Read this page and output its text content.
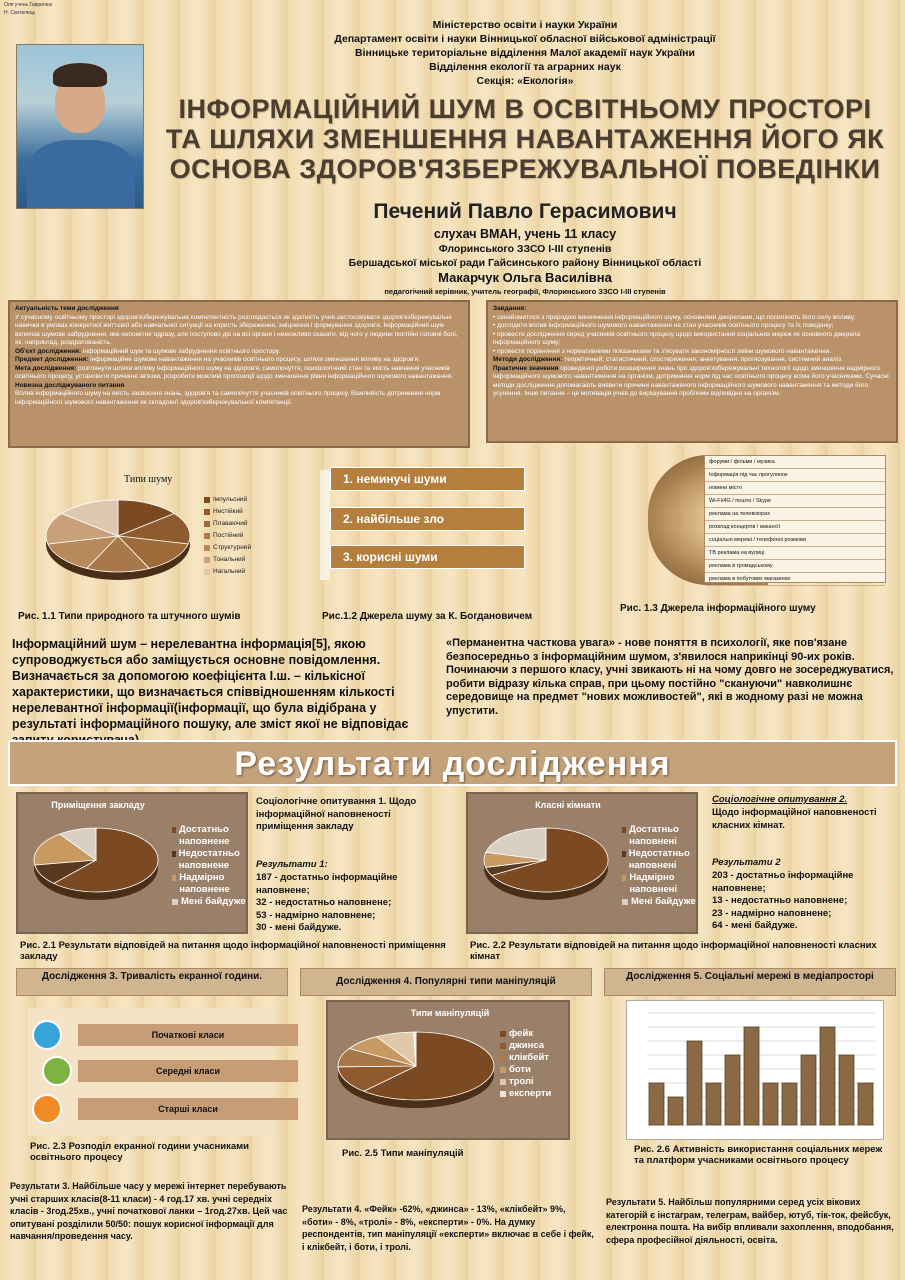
Оля учень Гаврилюк
Н. Скиталець
Міністерство освіти і науки України
Департамент освіти і науки Вінницької обласної військової адміністрації
Вінницьке територіальне відділення Малої академії наук України
Відділення екології та аграрних наук
Секція: «Екологія»
ІНФОРМАЦІЙНИЙ ШУМ В ОСВІТНЬОМУ ПРОСТОРІ
ТА ШЛЯХИ ЗМЕНШЕННЯ НАВАНТАЖЕННЯ ЙОГО ЯК
ОСНОВА ЗДОРОВ'ЯЗБЕРЕЖУВАЛЬНОЇ ПОВЕДІНКИ
Печений Павло Герасимович
слухач ВМАН, учень 11 класу
Флоринського ЗЗСО І-ІІІ ступенів
Бершадської міської ради Гайсинського району Вінницької області
Макарчук Ольга Василівна
педагогічний керівник, учитель географії, Флоринського ЗЗСО І-ІІІ ступенів
Актуальність теми дослідження
У сучасному освітньому просторі здоров'язбережувальна компетентність розглядається як здатність учня застосовувати здоров'язбережувальні навички в умовах конкретної життєвої або навчальної ситуації на користь збереження, зміцнення і формування здоров'я. Інформаційний шум включає шумове забруднення, яке непомітне одразу, але поступово діє на всі органи і неможливо сказати, від чого у людини постійні головні болі, як, наприклад, роздратованість.
Об'єкт дослідження: інформаційний шум та шумове забруднення освітнього простору.
Предмет дослідження: інформаційне шумове навантаження на учасників освітнього процесу, шляхи зменшення впливу на здоров'я.
Мета дослідження: розглянути шляхи впливу інформаційного шуму на здоров'я, самопочуття, психологічний стан та якість навчання учасників освітнього процесу, установити причинні зв'язки, розробити можливі пропозиції щодо зменшення рівня інформаційного шумового навантаження.
Новизна досліджуваного питання
Вплив інформаційного шуму на якість засвоєння знань, здоров'я та самопочуття учасників освітнього процесу. Важливість дотримання норм інформаційного шумового навантаження як складової здоров'язбережувальної компетенції.
Завдання:
• ознайомитися з природою виникнення інформаційного шуму, основними джерелами, що посилюють його силу впливу;
• дослідити вплив інформаційного шумового навантаження на стан учасників освітнього процесу та їх поведінку;
• провести дослідження серед учасників освітнього процесу щодо використання соціальних мереж як основного джерела інформаційного шуму;
• провести порівняння з нормативними показниками та з'ясувати закономірності зміни шумового навантаження.
Методи дослідження: теоретичний; статистичний; спостереження; анкетування; прогнозування, системний аналіз.
Практичне значення проведеної роботи розширення знань про здоров'язбережувальні технології щодо зменшення надмірного інформаційного шумового навантаження на організм, дотримання норм під час освітнього процесу всіма його учасниками. Сучасні методи дослідження допомагають виявити причини навантаженого інформаційного шумового навантаження та методи його усунення. Інше питання – це мотивація учнів до вирішування проблеми відповідно на організм.
Типи шуму
Імпульсний
Нестійкий
Плаваючий
Постійний
Структурний
Тональний
Нагальний
Рис. 1.1 Типи природного та штучного шумів
1. неминучі шуми
2. найбільше зло
3. корисні шуми
Рис.1.2 Джерела шуму за К. Богдановичем
форуми / фільми / музика
Інформація під час прогулянок
новини місто
Wi-Fi/4G / пошта / Skype
реклама на телевізорах
розклад концертів / вакансії
соціальні мережі / телефонні розмови
ТВ реклама на вулиці
реклама в громадському
реклама в побутових магазинах
Рис. 1.3 Джерела інформаційного шуму
Інформаційний шум – нерелевантна інформація[5], якою супроводжується або заміщується основне повідомлення. Визначається за допомогою коефіцієнта І.ш. – кількісної характеристики, що визначається співвідношенням кількості нерелевантної інформації(інформації, що була відібрана у результаті інформаційного пошуку, але зміст якої не відповідає
«Перманентна часткова увага» - нове поняття в психології, яке пов'язане безпосередньо з інформаційним шумом, з'явилося наприкінці 90-их років. Починаючи з першого класу, учні звикають ні на чому довго не зосереджуватися, робити відразу кілька справ, при цьому постійно "скануючи" навколишнє середовище на предмет "нових можливостей", які в жодному разі не можна упустити.
Результати дослідження
Приміщення закладу
Достатньо наповнене
Недостатньо наповнене
Надмірно наповнене
Мені байдуже
Соціологічне опитування 1. Щодо інформаційної наповненості приміщення закладу
Результати 1:
187 - достатньо інформаційне наповнене;
32 - недостатньо наповнене;
53 - надмірно наповнене;
30 - мені байдуже.
Рис. 2.1 Результати відповідей на питання щодо інформаційної наповненості приміщення закладу
Класні кімнати
Достатньо наповнені
Недостатньо наповнені
Надмірно наповнені
Мені байдуже
Соціологічне опитування 2.
Щодо інформаційної наповненості класних кімнат.
Результати 2
203 - достатньо інформаційне наповнене;
13 - недостатньо наповнене;
23 - надмірно наповнене;
64 - мені байдуже.
Рис. 2.2 Результати відповідей на питання щодо інформаційної наповненості класних кімнат
Дослідження 3. Тривалість екранної години.	Дослідження 4. Популярні типи маніпуляцій	Дослідження 5. Соціальні мережі в медіапросторі
Початкові класи
Середні класи
Старші класи
Рис. 2.3 Розподіл екранної години учасниками освітнього процесу
Результати 3. Найбільше часу у мережі інтернет перебувають учні старших класів(8-11 класи) - 4 год.17 хв. учні середніх класів - 3год.25хв., учні початкової ланки – 1год.27хв. Цей час опитувані розділили 50/50: пошук корисної інформації для навчання/проведення часу.
Типи маніпуляцій
фейк
джинса
клікбейт
боти
тролі
експерти
Рис. 2.5 Типи маніпуляцій
Результати 4. «Фейк» -62%, «джинса» - 13%, «клікбейт» 9%, «боти» - 8%, «тролі» - 8%, «експерти» - 0%. На думку респондентів, тип маніпуляції «експерти» включає в себе і фейк, і клікбейт, і боти, і тролі.
Рис. 2.6 Активність використання соціальних мереж та платформ учасниками освітнього процесу
Результати 5. Найбільш популярними серед усіх вікових категорій є інстаграм, телеграм, вайбер, ютуб, тік-ток, фейсбук, електронна пошта. На вибір впливали захоплення, вподобання, сфера професійної діяльності, освіта.
